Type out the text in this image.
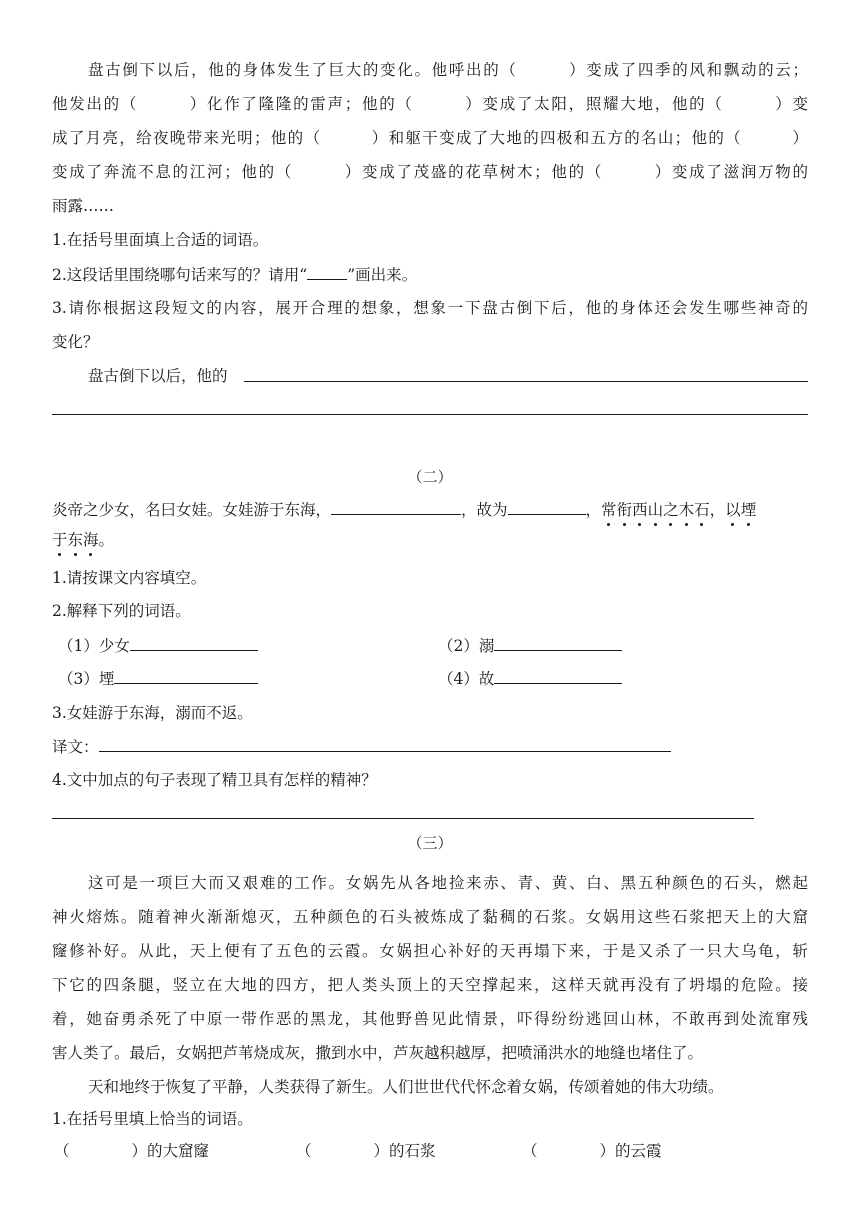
盘古倒下以后，他的身体发生了巨大的变化。他呼出的（　　　）变成了四季的风和飘动的云；
他发出的（　　　）化作了隆隆的雷声；他的（　　　）变成了太阳，照耀大地，他的（　　　）变
成了月亮，给夜晚带来光明；他的（　　　）和躯干变成了大地的四极和五方的名山；他的（　　　）
变成了奔流不息的江河；他的（　　　）变成了茂盛的花草树木；他的（　　　）变成了滋润万物的
雨露……
1.在括号里面填上合适的词语。
2.这段话里围绕哪句话来写的？请用“	”画出来。
3.请你根据这段短文的内容，展开合理的想象，想象一下盘古倒下后，他的身体还会发生哪些神奇的
变化？
盘古倒下以后，他的
（二）
炎帝之少女，名曰女娃。女娃游于东海，	，故为	，常衔西山之木石，以堙
于东海。
1.请按课文内容填空。
2.解释下列的词语。
（1）少女	（2）溺
（3）堙	（4）故
3.女娃游于东海，溺而不返。
译文：
4.文中加点的句子表现了精卫具有怎样的精神？
（三）
这可是一项巨大而又艰难的工作。女娲先从各地捡来赤、青、黄、白、黑五种颜色的石头，燃起
神火熔炼。随着神火渐渐熄灭，五种颜色的石头被炼成了黏稠的石浆。女娲用这些石浆把天上的大窟
窿修补好。从此，天上便有了五色的云霞。女娲担心补好的天再塌下来，于是又杀了一只大乌龟，斩
下它的四条腿，竖立在大地的四方，把人类头顶上的天空撑起来，这样天就再没有了坍塌的危险。接
着，她奋勇杀死了中原一带作恶的黑龙，其他野兽见此情景，吓得纷纷逃回山林，不敢再到处流窜残
害人类了。最后，女娲把芦苇烧成灰，撒到水中，芦灰越积越厚，把喷涌洪水的地缝也堵住了。
天和地终于恢复了平静，人类获得了新生。人们世世代代怀念着女娲，传颂着她的伟大功绩。
1.在括号里填上恰当的词语。
（　　　　）的大窟窿	（　　　　）的石浆	（　　　　）的云霞
